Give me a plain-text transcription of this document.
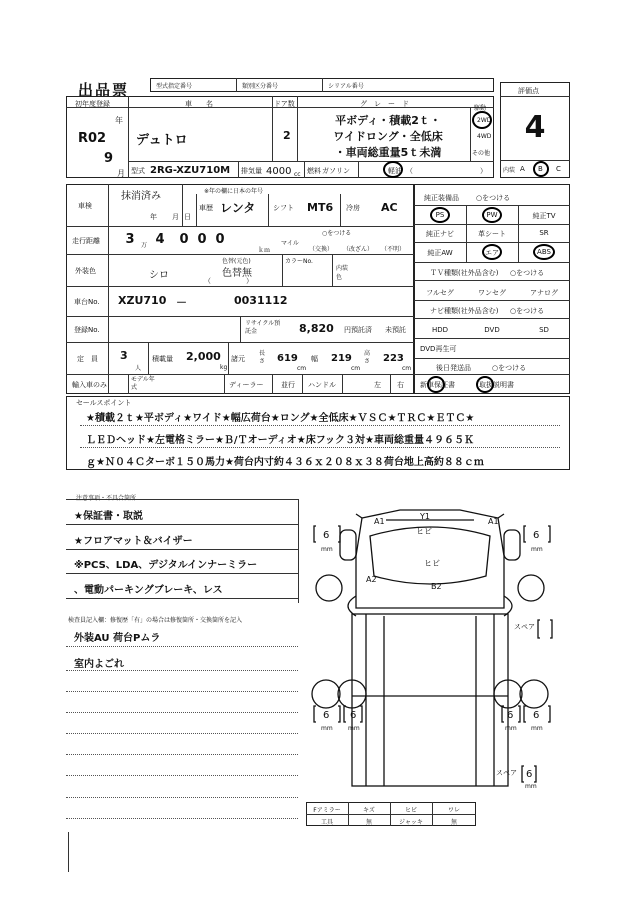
出品票	型式指定番号	類別区分番号	シリアル番号
初年度登録	車　　名	ドア数	グ　レ　ー　ド
R02
年
9
月
デュトロ	2
平ボディ・積載2ｔ・
ワイドロング・全低床
・車両総重量5ｔ未満
駆動
2WD
4WD
その他
型式 2RG-XZU710M 排気量 4000 cc 燃料 ガソリン	軽油 （	）
評価点
4
内装 A B C
車検
抹消済み
年 月 日
※年の欄に日本の年号
車歴 レンタ	シフト MT6 冷房 AC
走行距離 3	万 4 0 0 0
ｋｍ
○をつける
マイル
（交換） （改ざん） （不明）
外装色	シロ
色替(元色)
色替無
（　　　　　）
カラーNo.
内装色
車台No. XZU710 －	0031112
登録No.
リサイクル預託金	8,820 円預託済 未預託
定　員 3
人
積載量 2,000
kg
諸元
長さ 619
cm
幅 219
cm
高さ 223
cm
輸入車のみ
モデル年式	ディーラー	並行 ハンドル	左 右
純正装備品 ○をつける
PS	PW	純正TV
純正ナビ	革シート	SR
純正AW	エア	ABS
ＴＶ種類(社外品含む) ○をつける
フルセグ	ワンセグ	アナログ
ナビ種類(社外品含む) ○をつける
HDD	DVD	SD
DVD再生可
後日発送品	○をつける
新車保証書	取扱説明書
セールスポイント
★積載２ｔ★平ボディ★ワイド★幅広荷台★ロング★全低床★ＶＳＣ★ＴＲＣ★ＥＴＣ★
ＬＥＤヘッド★左電格ミラー★Ｂ/Ｔオーディオ★床フック３対★車両総重量４９６５Ｋ
ｇ★Ｎ０４Ｃターボ１５０馬力★荷台内寸約４３６ｘ２０８ｘ３８荷台地上高約８８ｃｍ
注意事項・不具合箇所
★保証書・取説
★フロアマット＆バイザー
※PCS、LDA、デジタルインナーミラー
、電動パーキングブレーキ、レス
検査員記入欄：修復歴「有」の場合は修復箇所・交換箇所を記入
外装AU 荷台Pムラ
室内よごれ
A1	A1
Y1
ヒビ
ヒビ
B2
A2
6
mm
6
mm
6
mm
6
mm
6
mm
6
mm
スペア
スペア 6
mm
Fアミラー	キズ	ヒビ	ワレ
工具	無	ジャッキ	無
